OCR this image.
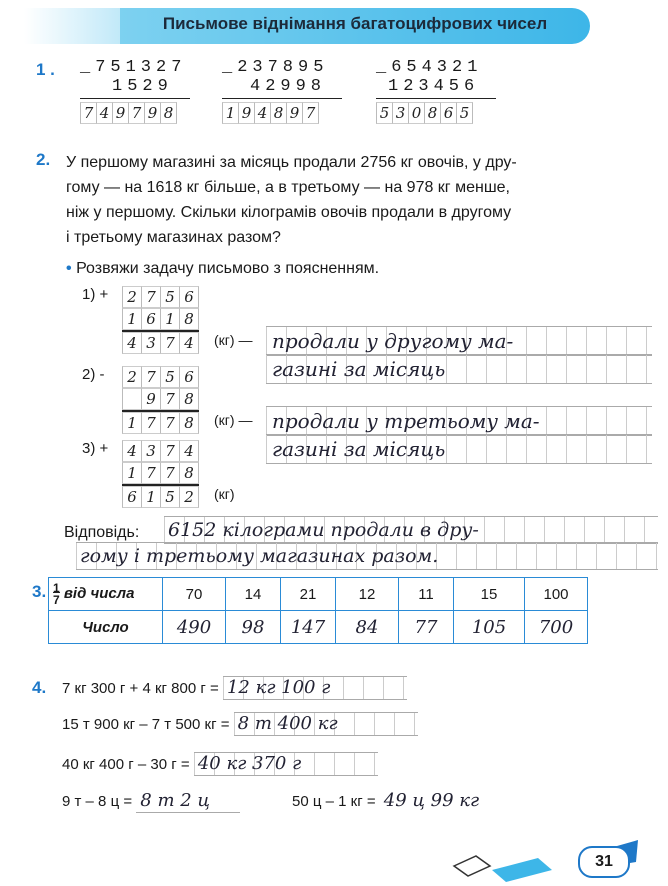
Письмове віднімання багатоцифрових чисел
1 . _751327
1529
7 4 9 7 9 8
_237895
42998
1 9 4 8 9 7
_654321
123456
5 3 0 8 6 5
2. У першому магазині за місяць продали 2756 кг овочів, у дру-
гому — на 1618 кг більше, а в третьому — на 978 кг менше,
ніж у першому. Скільки кілограмів овочів продали в другому
і третьому магазинах разом?
• Розвяжи задачу письмово з поясненням.
1) +	2 7 5 6
1 6 1 8
4 3 7 4	(кг) — продали у другому ма-
газині за місяць
2) -	2 7 5 6
9 7 8
1 7 7 8	(кг) — продали у третьому ма-
газині за місяць
3) +	4 3 7 4
1 7 7 8
6 1 5 2	(кг)
Відповідь: 6152 кілограми продали в дру-
гому і третьому магазинах разом.
3. $\frac{1}{7}$ від числа	70	14	21	12	11	15	100
Число	490	98	147	84	77	105	700
4. 7 кг 300 г + 4 кг 800 г = 12 кг 100 г
15 т 900 кг – 7 т 500 кг = 8 т 400 кг
40 кг 400 г – 30 г = 40 кг 370 г
9 т – 8 ц = 8 т 2 ц	50 ц – 1 кг = 49 ц 99 кг
31
